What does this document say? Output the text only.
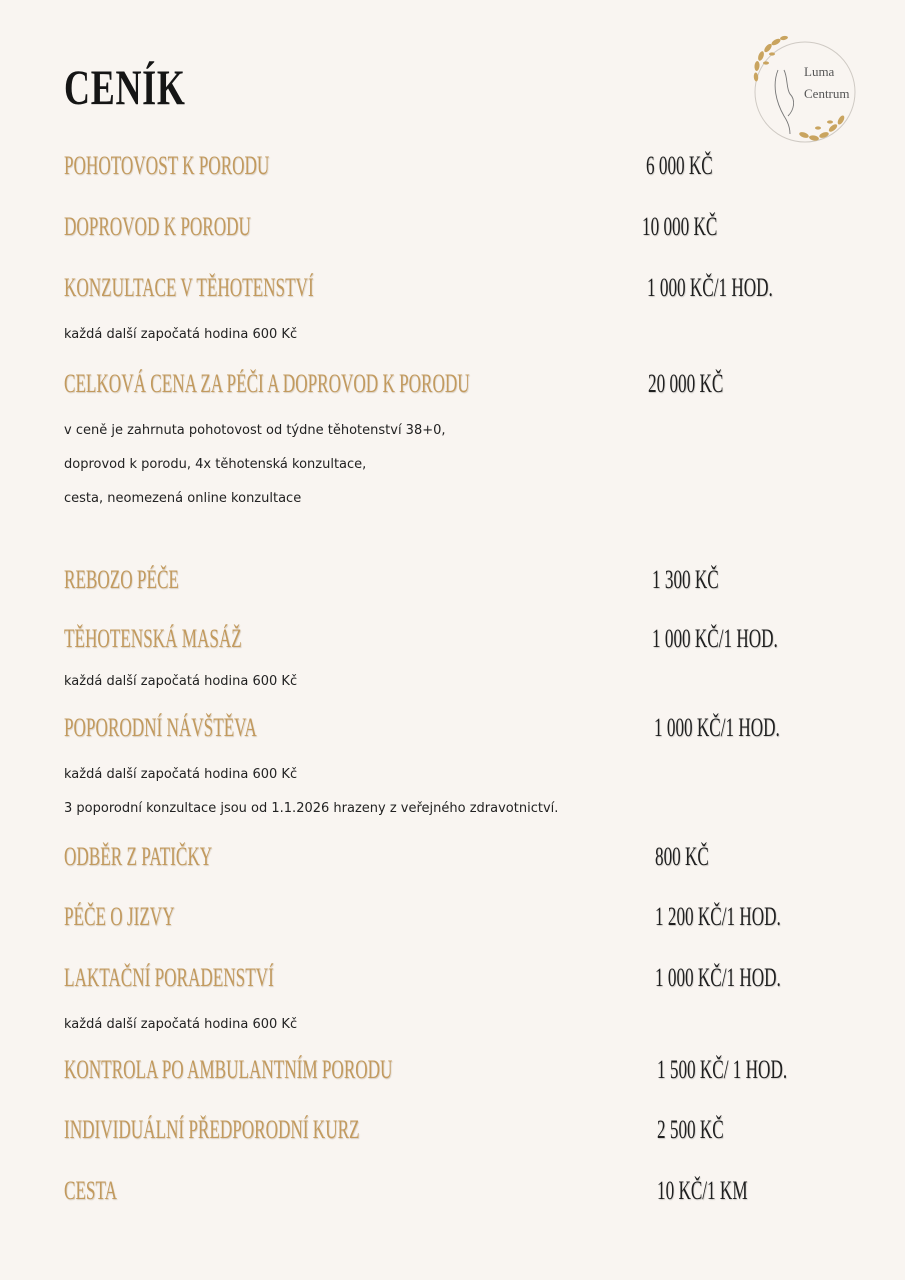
CENÍK	Luma
Centrum
POHOTOVOST K PORODU	6 000 KČ
DOPROVOD K PORODU	10 000 KČ
KONZULTACE V TĚHOTENSTVÍ	1 000 KČ/1 HOD.
každá další započatá hodina 600 Kč
CELKOVÁ CENA ZA PÉČI A DOPROVOD K PORODU	20 000 KČ
v ceně je zahrnuta pohotovost od týdne těhotenství 38+0,
doprovod k porodu, 4x těhotenská konzultace,
cesta, neomezená online konzultace
REBOZO PÉČE	1 300 KČ
TĚHOTENSKÁ MASÁŽ	1 000 KČ/1 HOD.
každá další započatá hodina 600 Kč
POPORODNÍ NÁVŠTĚVA	1 000 KČ/1 HOD.
každá další započatá hodina 600 Kč
3 poporodní konzultace jsou od 1.1.2026 hrazeny z veřejného zdravotnictví.
ODBĚR Z PATIČKY	800 KČ
PÉČE O JIZVY	1 200 KČ/1 HOD.
LAKTAČNÍ PORADENSTVÍ	1 000 KČ/1 HOD.
každá další započatá hodina 600 Kč
KONTROLA PO AMBULANTNÍM PORODU	1 500 KČ/ 1 HOD.
INDIVIDUÁLNÍ PŘEDPORODNÍ KURZ	2 500 KČ
CESTA	10 KČ/1 KM
